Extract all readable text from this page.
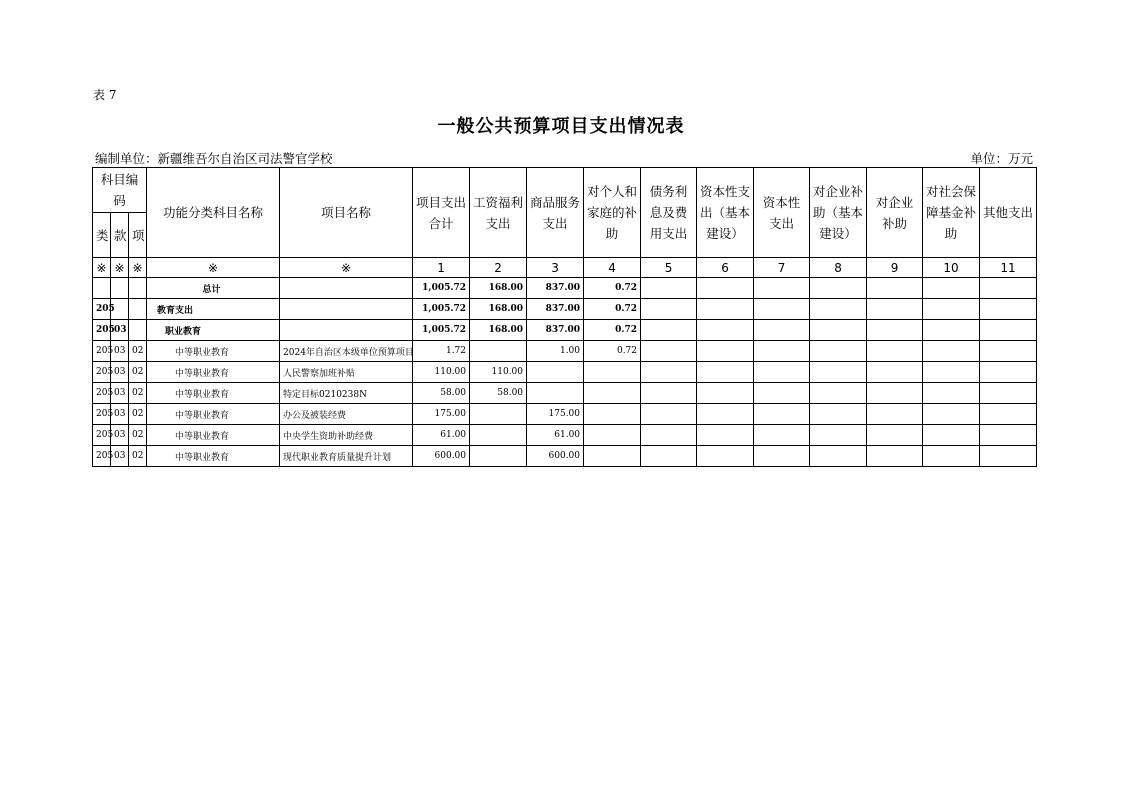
表 7
一般公共预算项目支出情况表
编制单位：新疆维吾尔自治区司法警官学校	单位：万元
科目编码			功能分类科目名称	项目名称	项目支出合计	工资福利支出	商品服务支出	对个人和家庭的补助	债务利息及费用支出	资本性支出（基本建设）	资本性支出	对企业补助（基本建设）	对企业补助	对社会保障基金补助	其他支出
类	款	项													
※	※	※	※	※	1	2	3	4	5	6	7	8	9	10	11
			总计		1,005.72	168.00	837.00	0.72							
205			教育支出		1,005.72	168.00	837.00	0.72							
205	03		职业教育		1,005.72	168.00	837.00	0.72							
205	03	02	中等职业教育	2024年自治区本级单位预算项目	1.72		1.00	0.72							
205	03	02	中等职业教育	人民警察加班补贴	110.00	110.00									
205	03	02	中等职业教育	特定目标0210238N	58.00	58.00									
205	03	02	中等职业教育	办公及被装经费	175.00		175.00								
205	03	02	中等职业教育	中央学生资助补助经费	61.00		61.00								
205	03	02	中等职业教育	现代职业教育质量提升计划	600.00		600.00								
